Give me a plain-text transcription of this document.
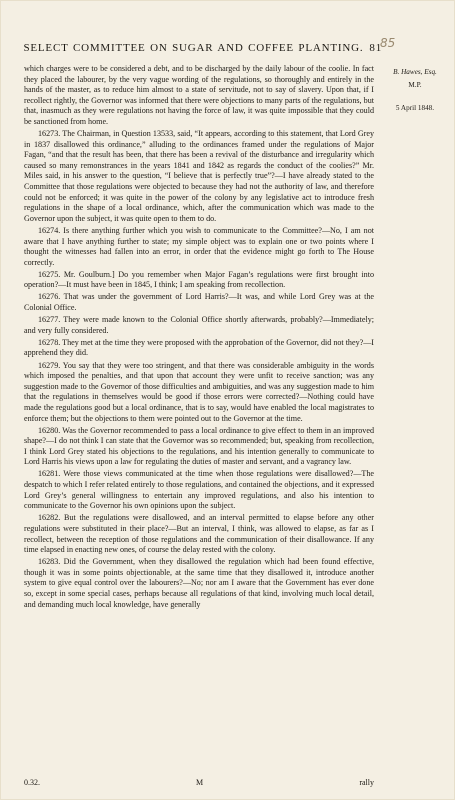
SELECT COMMITTEE ON SUGAR AND COFFEE PLANTING. 81
85
B. Hawes, Esq.
M.P.
5 April 1848.

which charges were to be considered a debt, and to be discharged by the daily labour of the coolie. In fact they placed the labourer, by the very vague wording of the regulations, so thoroughly and entirely in the hands of the master, as to reduce him almost to a state of servitude, not to say of slavery. Upon that, if I recollect rightly, the Governor was informed that there were objections to many parts of the regulations, but that, inasmuch as they were regulations not having the force of law, it was quite impossible that they could be sanctioned from home.

16273. The Chairman, in Question 13533, said, “It appears, according to this statement, that Lord Grey in 1837 disallowed this ordinance,” alluding to the ordinances framed under the regulations of Major Fagan, “and that the result has been, that there has been a revival of the disturbance and irregularity which caused so many remonstrances in the years 1841 and 1842 as regards the conduct of the coolies?” Mr. Miles said, in his answer to the question, “I believe that is perfectly true”?—I have already stated to the Committee that those regulations were objected to because they had not the authority of law, and therefore could not be enforced; it was quite in the power of the colony by any legislative act to introduce fresh regulations in the shape of a local ordinance, which, after the communication which was made to the Governor upon the subject, it was quite open to them to do.

16274. Is there anything further which you wish to communicate to the Committee?—No, I am not aware that I have anything further to state; my simple object was to explain one or two points where I thought the witnesses had fallen into an error, in order that the evidence might go forth to The House correctly.

16275. Mr. Goulburn.] Do you remember when Major Fagan’s regulations were first brought into operation?—It must have been in 1845, I think; I am speaking from recollection.

16276. That was under the government of Lord Harris?—It was, and while Lord Grey was at the Colonial Office.

16277. They were made known to the Colonial Office shortly afterwards, probably?—Immediately; and very fully considered.

16278. They met at the time they were proposed with the approbation of the Governor, did not they?—I apprehend they did.

16279. You say that they were too stringent, and that there was considerable ambiguity in the words which imposed the penalties, and that upon that account they were unfit to receive sanction; was any suggestion made to the Governor of those difficulties and ambiguities, and was any suggestion made to him that the regulations in themselves would be good if those errors were corrected?—Nothing could have made the regulations good but a local ordinance, that is to say, would have enabled the local magistrates to enforce them; but the objections to them were pointed out to the Governor at the time.

16280. Was the Governor recommended to pass a local ordinance to give effect to them in an improved shape?—I do not think I can state that the Governor was so recommended; but, speaking from recollection, I think Lord Grey stated his objections to the regulations, and his intention generally to communicate to Lord Harris his views upon a law for regulating the duties of master and servant, and a vagrancy law.

16281. Were those views communicated at the time when those regulations were disallowed?—The despatch to which I refer related entirely to those regulations, and contained the objections, and it expressed Lord Grey’s general willingness to entertain any improved regulations, and also his intention to communicate to the Governor his own opinions upon the subject.

16282. But the regulations were disallowed, and an interval permitted to elapse before any other regulations were substituted in their place?—But an interval, I think, was allowed to elapse, as far as I recollect, between the reception of those regulations and the communication of their disallowance. If any time elapsed in enacting new ones, of course the delay rested with the colony.

16283. Did the Government, when they disallowed the regulation which had been found effective, though it was in some points objectionable, at the same time that they disallowed it, introduce another system to give equal control over the labourers?—No; nor am I aware that the Government has ever done so, except in some special cases, perhaps because all regulations of that kind, involving much local detail, and demanding much local knowledge, have generally

0.32.	M	rally
